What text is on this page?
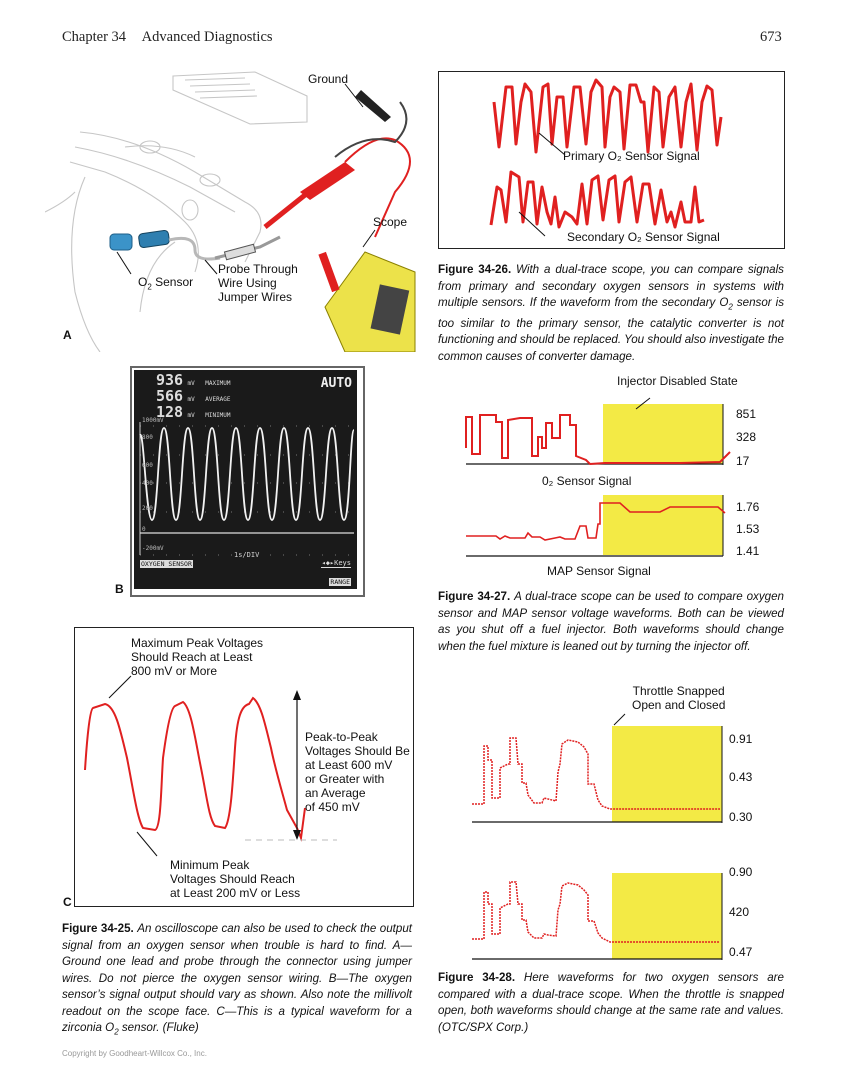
Chapter 34 Advanced Diagnostics	673
Ground
Scope
$O_2$ Sensor
Probe Through
Wire Using
Jumper Wires
A
Primary O₂ Sensor Signal
Secondary O₂ Sensor Signal
Figure 34-26. With a dual-trace scope, you can compare signals from primary and secondary oxygen sensors in systems with multiple sensors. If the waveform from the secondary $O_2$ sensor is too similar to the primary sensor, the catalytic converter is not functioning and should be replaced. You should also investigate the common causes of converter damage.
936 mV MAXIMUM
566 mV AVERAGE
128 mV MINIMUM
AUTO
1000mV
800
600
400
200
0
-200mV
1s/DIV
OXYGEN SENSOR	◂◆▸Keys
RANGE
B
Injector Disabled State
851
328
17
0₂ Sensor Signal
1.76
1.53
1.41
MAP Sensor Signal
Figure 34-27. A dual-trace scope can be used to compare oxygen sensor and MAP sensor voltage waveforms. Both can be viewed as you shut off a fuel injector. Both waveforms should change when the fuel mixture is leaned out by turning the injector off.
Maximum Peak Voltages
Should Reach at Least
800 mV or More
Peak-to-Peak
Voltages Should Be
at Least 600 mV
or Greater with
an Average
of 450 mV
Minimum Peak
Voltages Should Reach
at Least 200 mV or Less
C
Figure 34-25. An oscilloscope can also be used to check the output signal from an oxygen sensor when trouble is hard to find. A—Ground one lead and probe through the connector using jumper wires. Do not pierce the oxygen sensor wiring. B—The oxygen sensor’s signal output should vary as shown. Also note the millivolt readout on the scope face. C—This is a typical waveform for a zirconia $O_2$ sensor. (Fluke)
Throttle Snapped
Open and Closed
0.91
0.43
0.30
0.90
420
0.47
Figure 34-28. Here waveforms for two oxygen sensors are compared with a dual-trace scope. When the throttle is snapped open, both waveforms should change at the same rate and values. (OTC/SPX Corp.)
Copyright by Goodheart-Willcox Co., Inc.
